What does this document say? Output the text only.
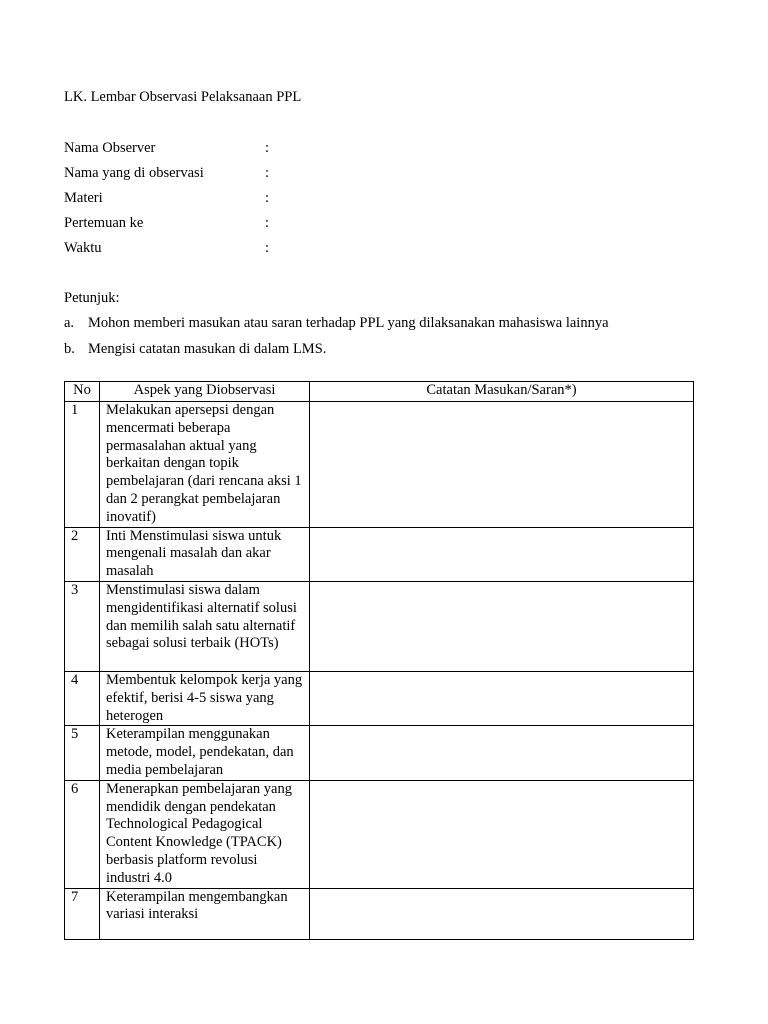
LK. Lembar Observasi Pelaksanaan PPL
Nama Observer	:
Nama yang di observasi	:
Materi	:
Pertemuan ke	:
Waktu	:
Petunjuk:
a. Mohon memberi masukan atau saran terhadap PPL yang dilaksanakan mahasiswa lainnya
b. Mengisi catatan masukan di dalam LMS.
No	Aspek yang Diobservasi	Catatan Masukan/Saran*)
1	Melakukan apersepsi dengan mencermati beberapa permasalahan aktual yang berkaitan dengan topik pembelajaran (dari rencana aksi 1 dan 2 perangkat pembelajaran inovatif)	
2	Inti Menstimulasi siswa untuk mengenali masalah dan akar masalah	
3	Menstimulasi siswa dalam mengidentifikasi alternatif solusi dan memilih salah satu alternatif sebagai solusi terbaik (HOTs)	
4	Membentuk kelompok kerja yang efektif, berisi 4-5 siswa yang heterogen	
5	Keterampilan menggunakan metode, model, pendekatan, dan media pembelajaran	
6	Menerapkan pembelajaran yang mendidik dengan pendekatan Technological Pedagogical Content Knowledge (TPACK) berbasis platform revolusi industri 4.0	
7	Keterampilan mengembangkan variasi interaksi	
